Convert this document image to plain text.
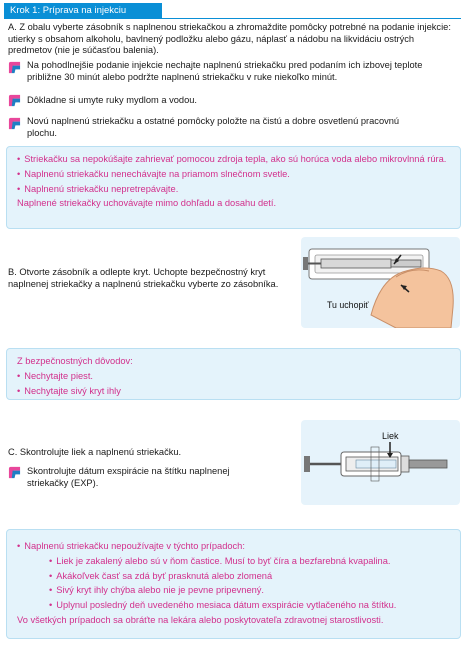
Krok 1: Príprava na injekciu
A. Z obalu vyberte zásobník s naplnenou striekačkou a zhromaždite pomôcky potrebné na podanie injekcie: utierky s obsahom alkoholu, bavlnený podložku alebo gázu, náplasť a nádobu na likvidáciu ostrých predmetov (nie je súčasťou balenia).
Na pohodlnejšie podanie injekcie nechajte naplnenú striekačku pred podaním ich izbovej teplote približne 30 minút alebo podržte naplnenú striekačku v ruke niekoľko minút.
Dôkladne si umyte ruky mydlom a vodou.
Novú naplnenú striekačku a ostatné pomôcky položte na čistú a dobre osvetlenú pracovnú plochu.
• Striekačku sa nepokúšajte zahrievať pomocou zdroja tepla, ako sú horúca voda alebo mikrovlnná rúra.
• Naplnenú striekačku nenechávajte na priamom slnečnom svetle.
• Naplnenú striekačku nepretrepávajte.
Naplnené striekačky uchovávajte mimo dohľadu a dosahu detí.
B. Otvorte zásobník a odlepte kryt. Uchopte bezpečnostný kryt naplnenej striekačky a naplnenú striekačku vyberte zo zásobníka.
Tu uchopiť
Z bezpečnostných dôvodov:
• Nechytajte piest.
• Nechytajte sivý kryt ihly
C. Skontrolujte liek a naplnenú striekačku.
Skontrolujte dátum exspirácie na štítku naplnenej striekačky (EXP).
Liek
• Naplnenú striekačku nepoužívajte v týchto prípadoch:
• Liek je zakalený alebo sú v ňom častice. Musí to byť číra a bezfarebná kvapalina.
• Akákoľvek časť sa zdá byť prasknutá alebo zlomená
• Sivý kryt ihly chýba alebo nie je pevne pripevnený.
• Uplynul posledný deň uvedeného mesiaca dátum exspirácie vytlačeného na štítku.
Vo všetkých prípadoch sa obráťte na lekára alebo poskytovateľa zdravotnej starostlivosti.
